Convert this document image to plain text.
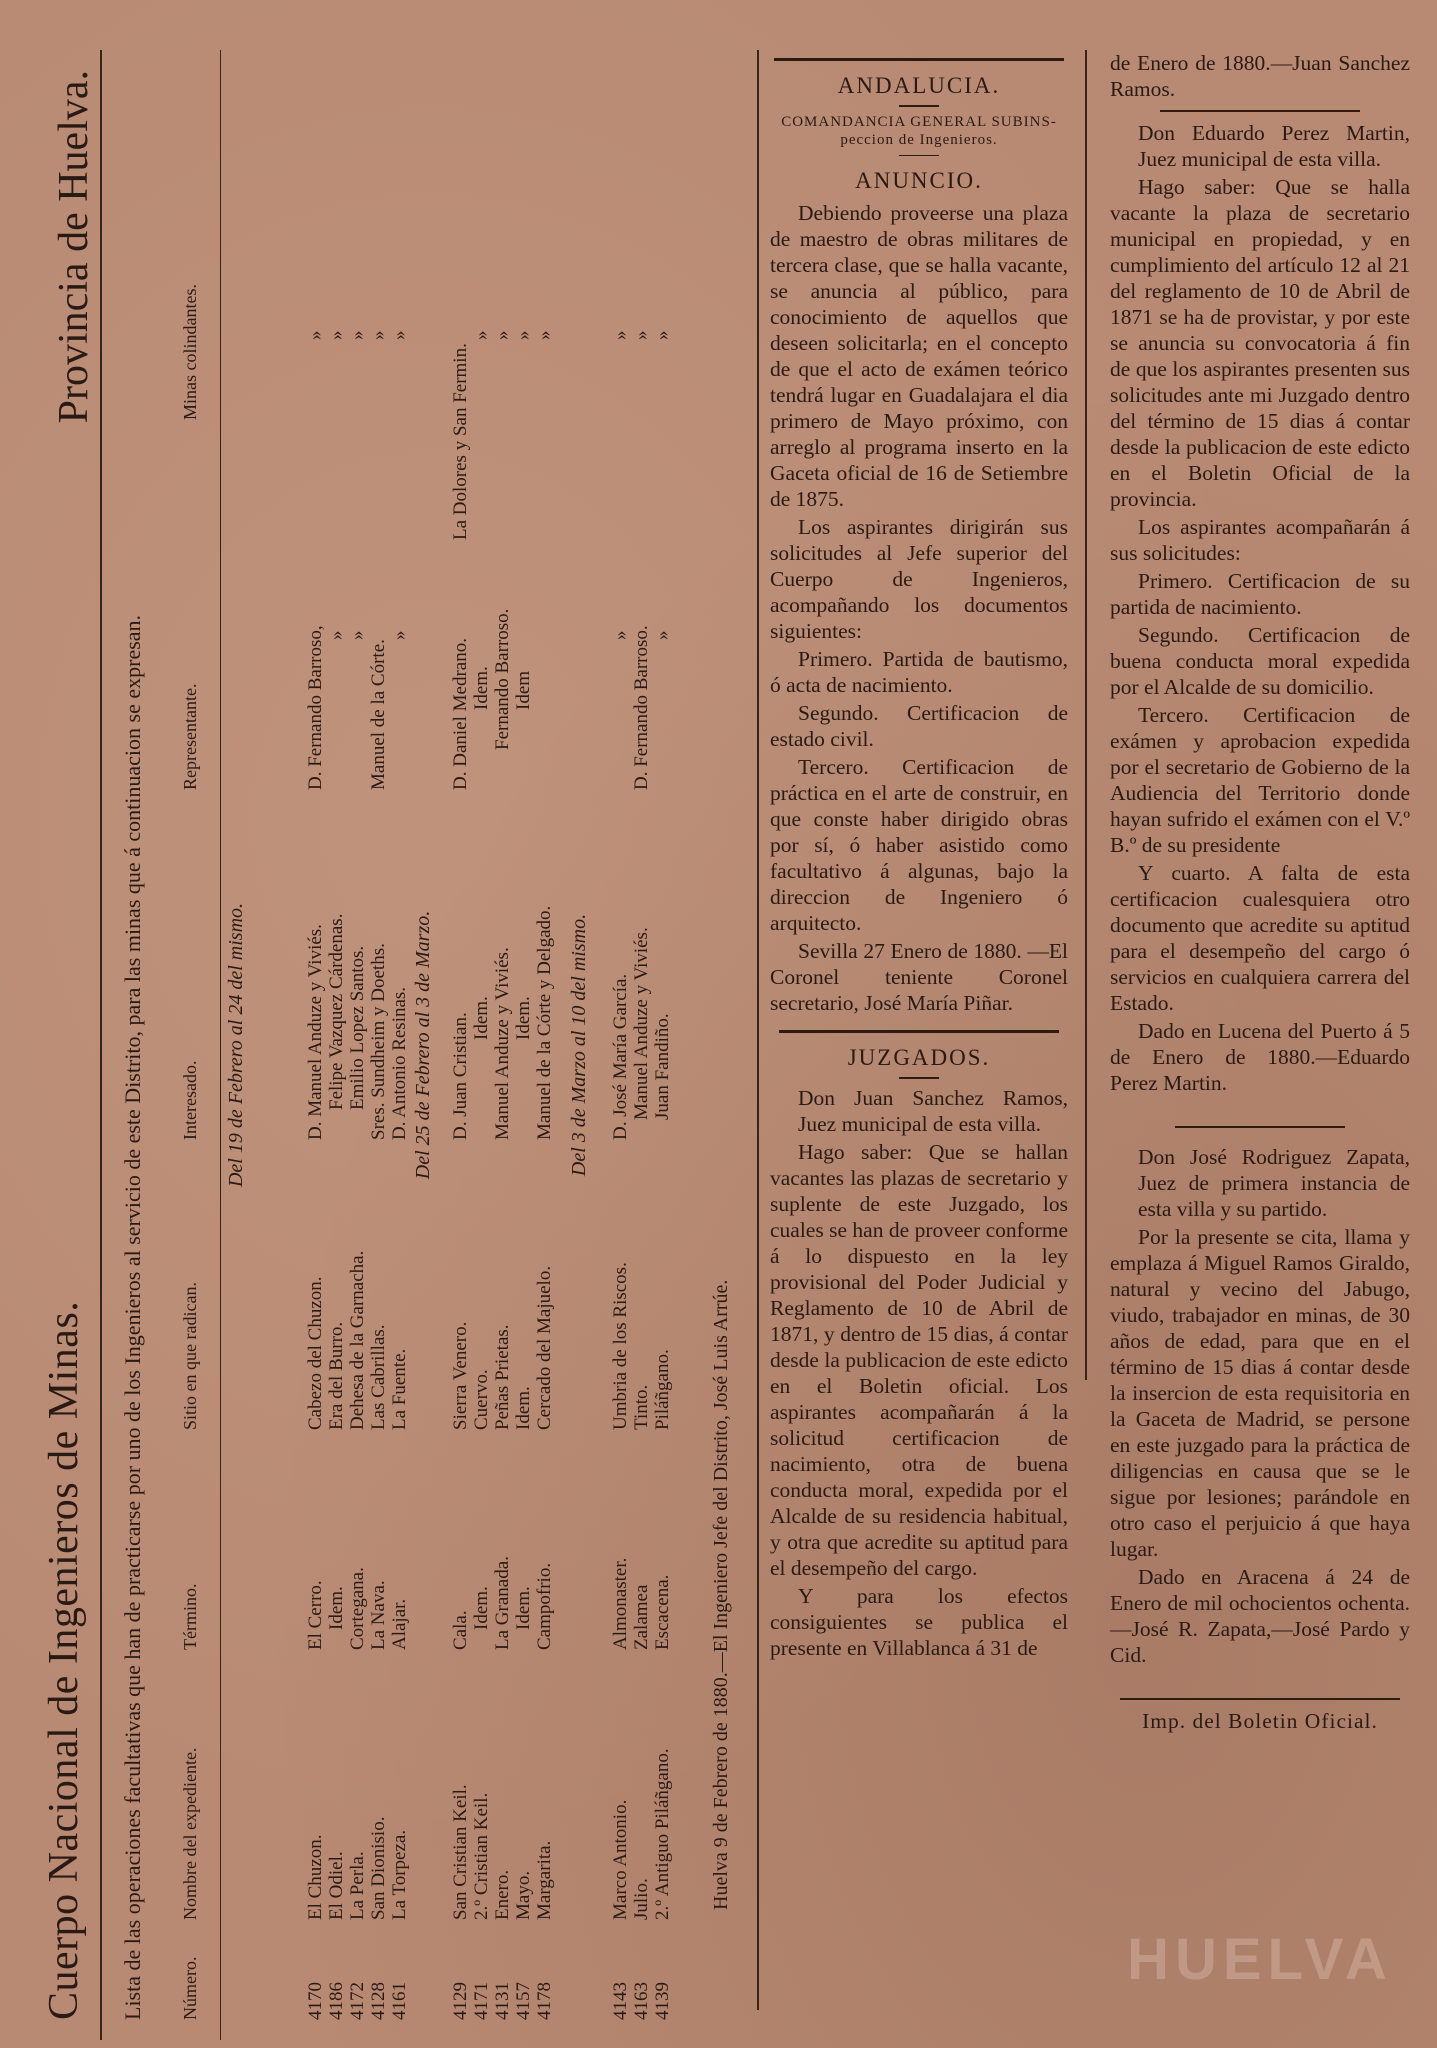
Cuerpo Nacional de Ingenieros de Minas.
Provincia de Huelva.
Lista de las operaciones facultativas que han de practicarse por uno de los Ingenieros al servicio de este Distrito, para las minas que á continuacion se expresan. Número.
Nombre del expediente.
Término.
Sitio en que radican.
Interesado.
Representante.
Minas colindantes.
Del 19 de Febrero al 24 del mismo.
4170
El Chuzon.
El Cerro.
Cabezo del Chuzon.
D. Manuel Anduze y Viviés.
D. Fernando Barroso,
»
4186
El Odiel.
Idem.
Era del Burro.
Felipe Vazquez Cárdenas.
»
»
4172
La Perla.
Cortegana.
Dehesa de la Garnacha.
Emilio Lopez Santos.
»
»
4128
San Dionisio.
La Nava.
Las Cabrillas.
Sres. Sundheim y Doeths.
Manuel de la Córte.
»
4161
La Torpeza.
Alajar.
La Fuente.
D. Antonio Resinas.
»
»
Del 25 de Febrero al 3 de Marzo.
4129
San Cristian Keil.
Cala.
Sierra Venero.
D. Juan Cristian.
D. Daniel Medrano.
La Dolores y San Fermin.
4171
2.º Cristian Keil.
Idem.
Cuervo.
Idem.
Idem.
»
4131
Enero.
La Granada.
Peñas Prietas.
Manuel Anduze y Viviés.
Fernando Barroso.
»
4157
Mayo.
Idem.
Idem.
Idem.
Idem
»
4178
Margarita.
Campofrio.
Cercado del Majuelo.
Manuel de la Córte y Delgado.
»
Del 3 de Marzo al 10 del mismo.
4143
Marco Antonio.
Almonaster.
Umbria de los Riscos.
D. José María García.
»
»
4163
Julio.
Zalamea
Tinto.
Manuel Anduze y Viviés.
D. Fernando Barroso.
»
4139
2.º Antiguo Piláñgano.
Escacena.
Piláñgano.
Juan Fandiño.
»
»
Huelva 9 de Febrero de 1880.—El Ingeniero Jefe del Distrito, José Luis Arrúe.

ANDALUCIA.

COMANDANCIA GENERAL SUBINS-
peccion de Ingenieros.

ANUNCIO.

Debiendo proveerse una plaza de maestro de obras militares de tercera clase, que se halla vacante, se anuncia al público, para conocimiento de aquellos que deseen solicitarla; en el concepto de que el acto de exámen teórico tendrá lugar en Guadalajara el dia primero de Mayo próximo, con arreglo al programa inserto en la Gaceta oficial de 16 de Setiembre de 1875.

Los aspirantes dirigirán sus solicitudes al Jefe superior del Cuerpo de Ingenieros, acompañando los documentos siguientes:

Primero. Partida de bautismo, ó acta de nacimiento.

Segundo. Certificacion de estado civil.

Tercero. Certificacion de práctica en el arte de construir, en que conste haber dirigido obras por sí, ó haber asistido como facultativo á algunas, bajo la direccion de Ingeniero ó arquitecto.

Sevilla 27 Enero de 1880. —El Coronel teniente Coronel secretario, José María Piñar.

JUZGADOS.

Don Juan Sanchez Ramos, Juez municipal de esta villa.

Hago saber: Que se hallan vacantes las plazas de secretario y suplente de este Juzgado, los cuales se han de proveer conforme á lo dispuesto en la ley provisional del Poder Judicial y Reglamento de 10 de Abril de 1871, y dentro de 15 dias, á contar desde la publicacion de este edicto en el Boletin oficial. Los aspirantes acompañarán á la solicitud certificacion de nacimiento, otra de buena conducta moral, expedida por el Alcalde de su residencia habitual, y otra que acredite su aptitud para el desempeño del cargo.

Y para los efectos consiguientes se publica el presente en Villablanca á 31 de

de Enero de 1880.—Juan Sanchez Ramos.

Don Eduardo Perez Martin, Juez municipal de esta villa.

Hago saber: Que se halla vacante la plaza de secretario municipal en propiedad, y en cumplimiento del artículo 12 al 21 del reglamento de 10 de Abril de 1871 se ha de provistar, y por este se anuncia su convocatoria á fin de que los aspirantes presenten sus solicitudes ante mi Juzgado dentro del término de 15 dias á contar desde la publicacion de este edicto en el Boletin Oficial de la provincia.

Los aspirantes acompañarán á sus solicitudes:

Primero. Certificacion de su partida de nacimiento.

Segundo. Certificacion de buena conducta moral expedida por el Alcalde de su domicilio.

Tercero. Certificacion de exámen y aprobacion expedida por el secretario de Gobierno de la Audiencia del Territorio donde hayan sufrido el exámen con el V.º B.º de su presidente

Y cuarto. A falta de esta certificacion cualesquiera otro documento que acredite su aptitud para el desempeño del cargo ó servicios en cualquiera carrera del Estado.

Dado en Lucena del Puerto á 5 de Enero de 1880.—Eduardo Perez Martin.

Don José Rodriguez Zapata, Juez de primera instancia de esta villa y su partido.

Por la presente se cita, llama y emplaza á Miguel Ramos Giraldo, natural y vecino del Jabugo, viudo, trabajador en minas, de 30 años de edad, para que en el término de 15 dias á contar desde la insercion de esta requisitoria en la Gaceta de Madrid, se persone en este juzgado para la práctica de diligencias en causa que se le sigue por lesiones; parándole en otro caso el perjuicio á que haya lugar.

Dado en Aracena á 24 de Enero de mil ochocientos ochenta.—José R. Zapata,—José Pardo y Cid.

Imp. del Boletin Oficial.

HUELVA
